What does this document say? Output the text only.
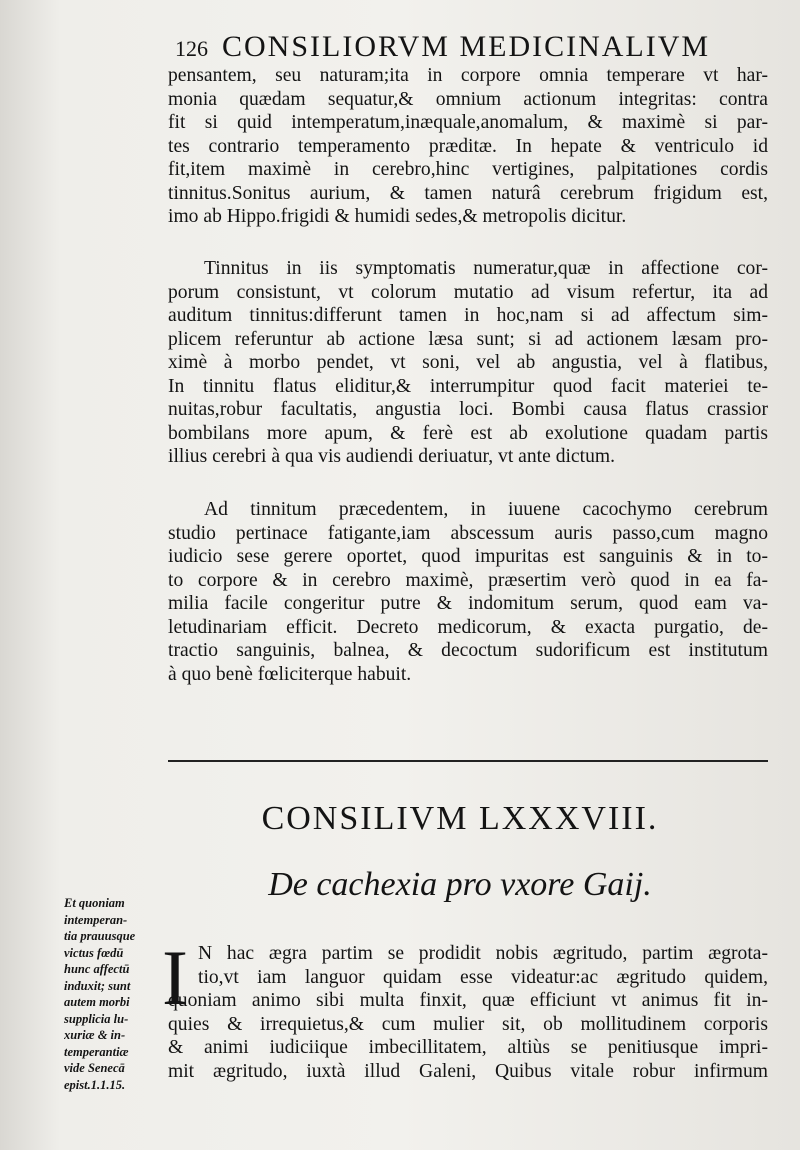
126 CONSILIORVM MEDICINALIVM
pensantem, seu naturam;ita in corpore omnia temperare vt har-
monia quædam sequatur,& omnium actionum integritas: contra
fit si quid intemperatum,inæquale,anomalum, & maximè si par-
tes contrario temperamento præditæ. In hepate & ventriculo id
fit,item maximè in cerebro,hinc vertigines, palpitationes cordis
tinnitus.Sonitus aurium, & tamen naturâ cerebrum frigidum est,
imo ab Hippo.frigidi & humidi sedes,& metropolis dicitur.
Tinnitus in iis symptomatis numeratur,quæ in affectione cor-
porum consistunt, vt colorum mutatio ad visum refertur, ita ad
auditum tinnitus:differunt tamen in hoc,nam si ad affectum sim-
plicem referuntur ab actione læsa sunt; si ad actionem læsam pro-
ximè à morbo pendet, vt soni, vel ab angustia, vel à flatibus,
In tinnitu flatus eliditur,& interrumpitur quod facit materiei te-
nuitas,robur facultatis, angustia loci. Bombi causa flatus crassior
bombilans more apum, & ferè est ab exolutione quadam partis
illius cerebri à qua vis audiendi deriuatur, vt ante dictum.
Ad tinnitum præcedentem, in iuuene cacochymo cerebrum
studio pertinace fatigante,iam abscessum auris passo,cum magno
iudicio sese gerere oportet, quod impuritas est sanguinis & in to-
to corpore & in cerebro maximè, præsertim verò quod in ea fa-
milia facile congeritur putre & indomitum serum, quod eam va-
letudinariam efficit. Decreto medicorum, & exacta purgatio, de-
tractio sanguinis, balnea, & decoctum sudorificum est institutum
à quo benè fœliciterque habuit.
CONSILIVM LXXXVIII.
De cachexia pro vxore Gaij.
Et quoniam
intemperan-
tia prauusque
victus fœdū
hunc affectū
induxit; sunt
autem morbi
supplicia lu-
xuriæ & in-
temperantiæ
vide Senecā
epist.1.1.15.
I N hac ægra partim se prodidit nobis ægritudo, partim ægrota-
tio,vt iam languor quidam esse videatur:ac ægritudo quidem,
quoniam animo sibi multa finxit, quæ efficiunt vt animus fit in-
quies & irrequietus,& cum mulier sit, ob mollitudinem corporis
& animi iudiciique imbecillitatem, altiùs se penitiusque impri-
mit ægritudo, iuxtà illud Galeni, Quibus vitale robur infirmum
